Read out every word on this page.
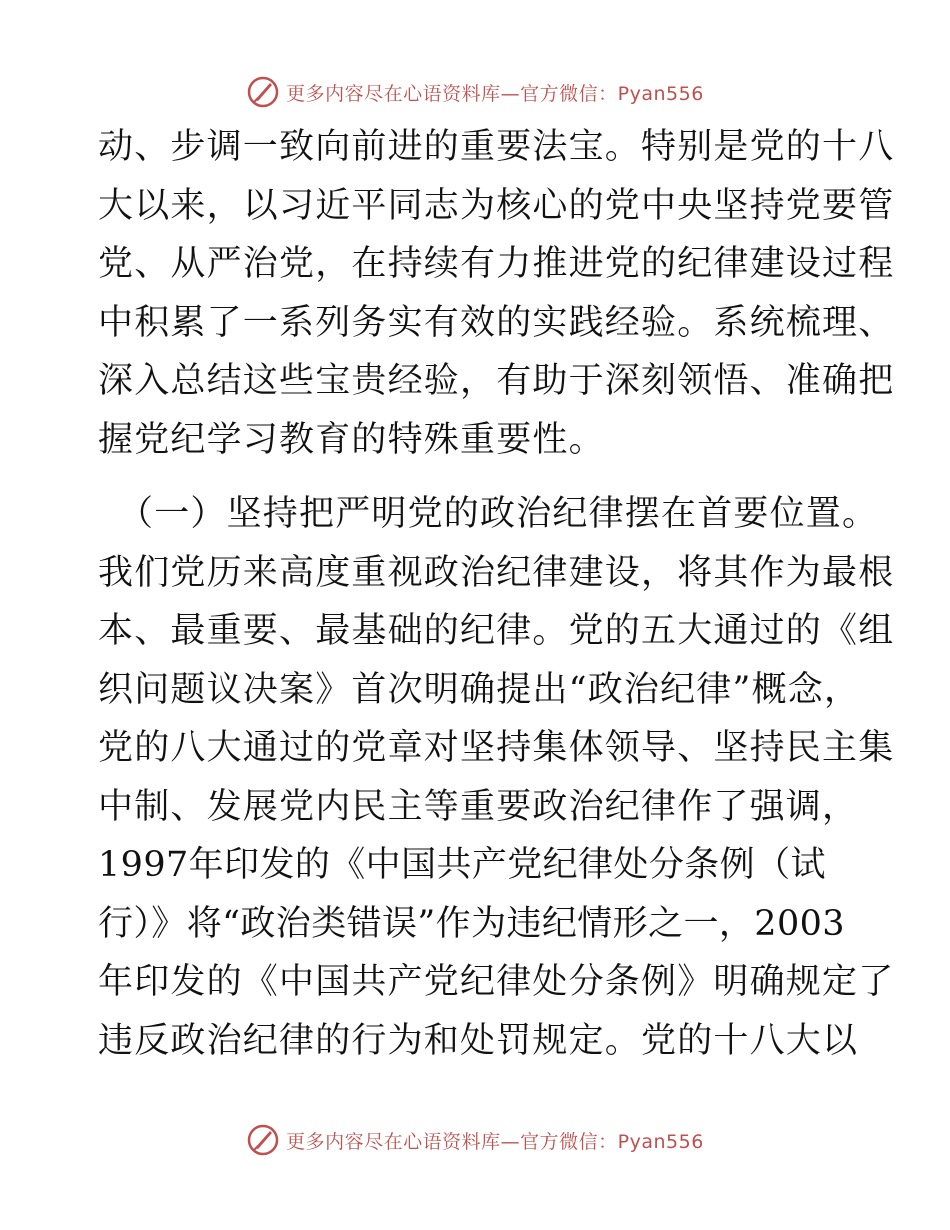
更多内容尽在心语资料库—官方微信：Pyan556
动、步调一致向前进的重要法宝。特别是党的十八
大以来，以习近平同志为核心的党中央坚持党要管
党、从严治党，在持续有力推进党的纪律建设过程
中积累了一系列务实有效的实践经验。系统梳理、
深入总结这些宝贵经验，有助于深刻领悟、准确把
握党纪学习教育的特殊重要性。
（一）坚持把严明党的政治纪律摆在首要位置。
我们党历来高度重视政治纪律建设，将其作为最根
本、最重要、最基础的纪律。党的五大通过的《组
织问题议决案》首次明确提出“政治纪律”概念，
党的八大通过的党章对坚持集体领导、坚持民主集
中制、发展党内民主等重要政治纪律作了强调，
1997年印发的《中国共产党纪律处分条例（试
行）》将“政治类错误”作为违纪情形之一，2003
年印发的《中国共产党纪律处分条例》明确规定了
违反政治纪律的行为和处罚规定。党的十八大以
更多内容尽在心语资料库—官方微信：Pyan556
